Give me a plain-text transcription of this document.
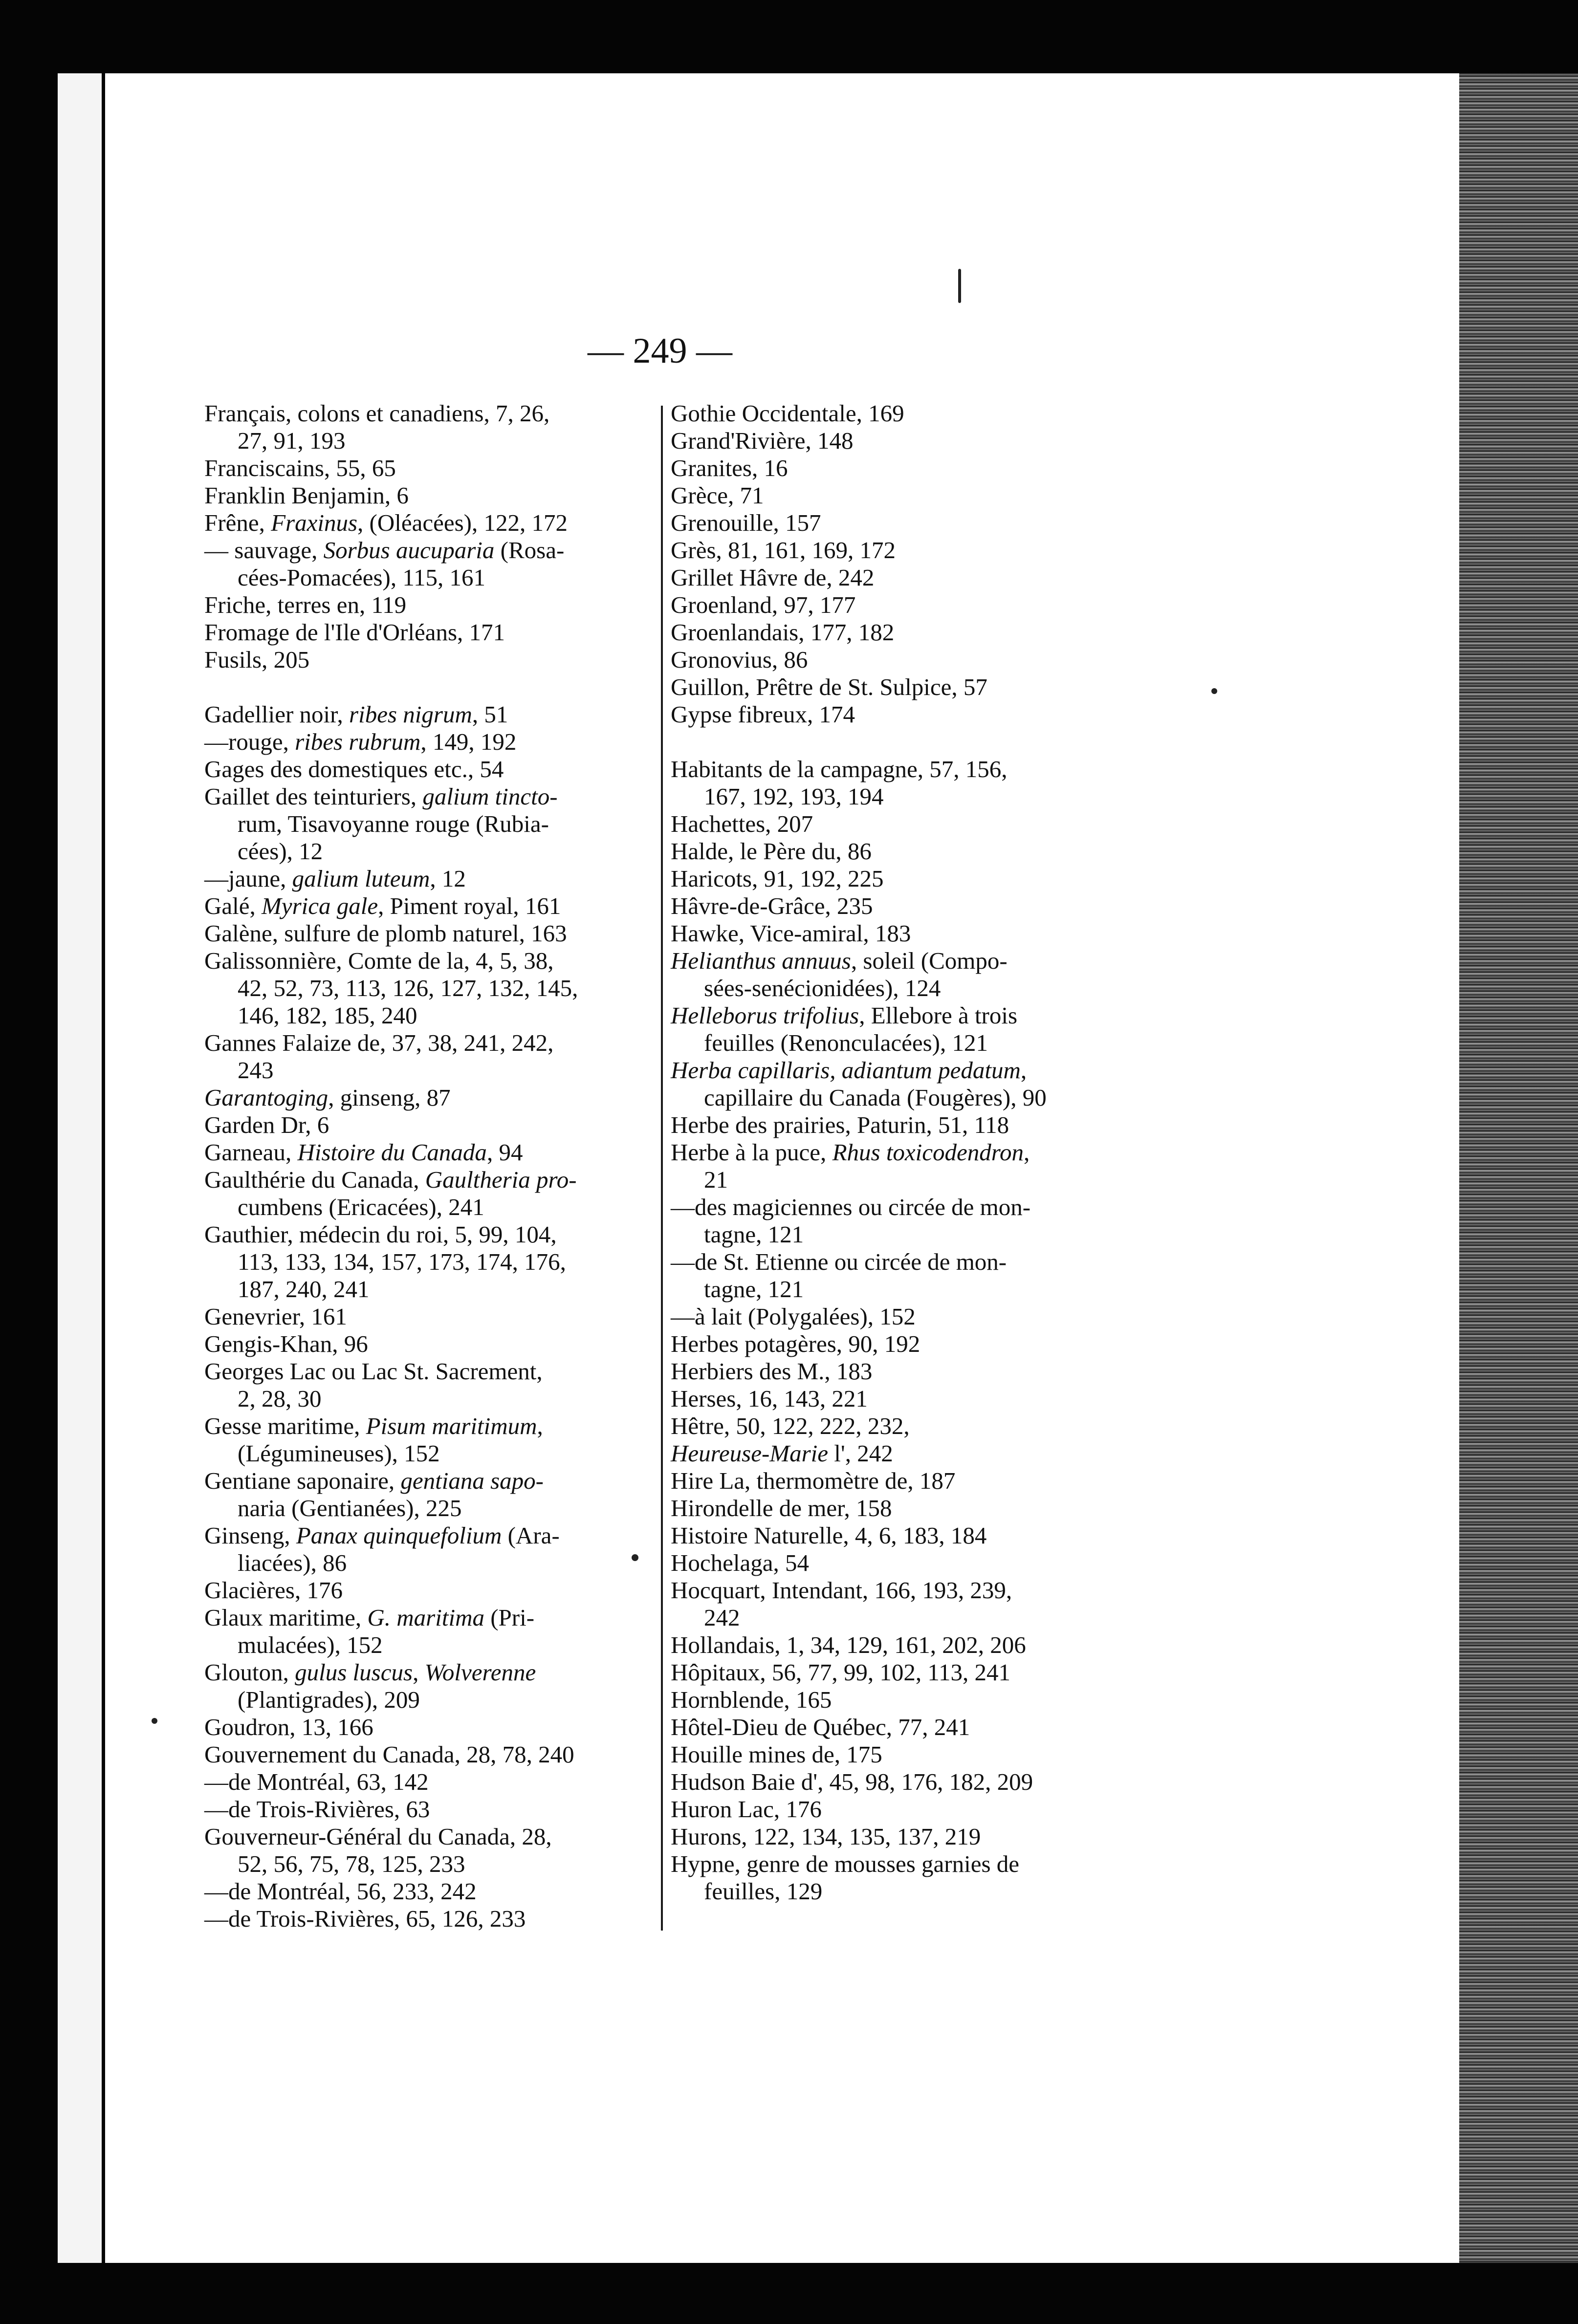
— 249 —
Français, colons et canadiens, 7, 26,
27, 91, 193
Franciscains, 55, 65
Franklin Benjamin, 6
Frêne, Fraxinus, (Oléacées), 122, 172
— sauvage, Sorbus aucuparia (Rosa-
cées-Pomacées), 115, 161
Friche, terres en, 119
Fromage de l'Ile d'Orléans, 171
Fusils, 205
Gadellier noir, ribes nigrum, 51
—rouge, ribes rubrum, 149, 192
Gages des domestiques etc., 54
Gaillet des teinturiers, galium tincto-
rum, Tisavoyanne rouge (Rubia-
cées), 12
—jaune, galium luteum, 12
Galé, Myrica gale, Piment royal, 161
Galène, sulfure de plomb naturel, 163
Galissonnière, Comte de la, 4, 5, 38,
42, 52, 73, 113, 126, 127, 132, 145,
146, 182, 185, 240
Gannes Falaize de, 37, 38, 241, 242,
243
Garantoging, ginseng, 87
Garden Dr, 6
Garneau, Histoire du Canada, 94
Gaulthérie du Canada, Gaultheria pro-
cumbens (Ericacées), 241
Gauthier, médecin du roi, 5, 99, 104,
113, 133, 134, 157, 173, 174, 176,
187, 240, 241
Genevrier, 161
Gengis-Khan, 96
Georges Lac ou Lac St. Sacrement,
2, 28, 30
Gesse maritime, Pisum maritimum,
(Légumineuses), 152
Gentiane saponaire, gentiana sapo-
naria (Gentianées), 225
Ginseng, Panax quinquefolium (Ara-
liacées), 86
Glacières, 176
Glaux maritime, G. maritima (Pri-
mulacées), 152
Glouton, gulus luscus, Wolverenne
(Plantigrades), 209
Goudron, 13, 166
Gouvernement du Canada, 28, 78, 240
—de Montréal, 63, 142
—de Trois-Rivières, 63
Gouverneur-Général du Canada, 28,
52, 56, 75, 78, 125, 233
—de Montréal, 56, 233, 242
—de Trois-Rivières, 65, 126, 233
Gothie Occidentale, 169
Grand'Rivière, 148
Granites, 16
Grèce, 71
Grenouille, 157
Grès, 81, 161, 169, 172
Grillet Hâvre de, 242
Groenland, 97, 177
Groenlandais, 177, 182
Gronovius, 86
Guillon, Prêtre de St. Sulpice, 57
Gypse fibreux, 174
Habitants de la campagne, 57, 156,
167, 192, 193, 194
Hachettes, 207
Halde, le Père du, 86
Haricots, 91, 192, 225
Hâvre-de-Grâce, 235
Hawke, Vice-amiral, 183
Helianthus annuus, soleil (Compo-
sées-senécionidées), 124
Helleborus trifolius, Ellebore à trois
feuilles (Renonculacées), 121
Herba capillaris, adiantum pedatum,
capillaire du Canada (Fougères), 90
Herbe des prairies, Paturin, 51, 118
Herbe à la puce, Rhus toxicodendron,
21
—des magiciennes ou circée de mon-
tagne, 121
—de St. Etienne ou circée de mon-
tagne, 121
—à lait (Polygalées), 152
Herbes potagères, 90, 192
Herbiers des M., 183
Herses, 16, 143, 221
Hêtre, 50, 122, 222, 232,
Heureuse-Marie l', 242
Hire La, thermomètre de, 187
Hirondelle de mer, 158
Histoire Naturelle, 4, 6, 183, 184
Hochelaga, 54
Hocquart, Intendant, 166, 193, 239,
242
Hollandais, 1, 34, 129, 161, 202, 206
Hôpitaux, 56, 77, 99, 102, 113, 241
Hornblende, 165
Hôtel-Dieu de Québec, 77, 241
Houille mines de, 175
Hudson Baie d', 45, 98, 176, 182, 209
Huron Lac, 176
Hurons, 122, 134, 135, 137, 219
Hypne, genre de mousses garnies de
feuilles, 129
